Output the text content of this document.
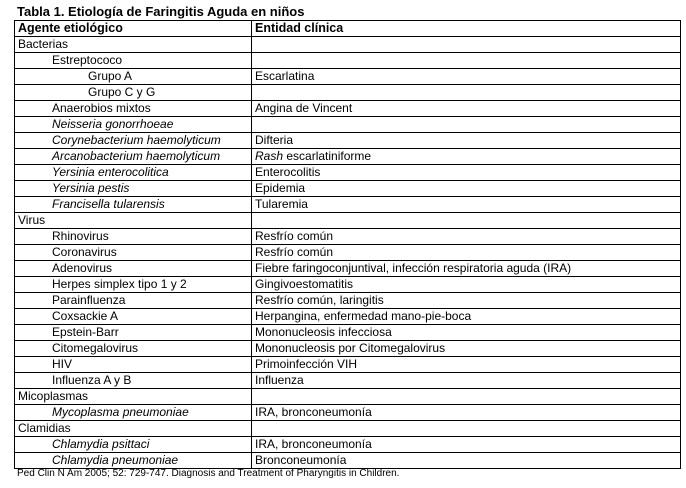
Tabla 1. Etiología de Faringitis Aguda en niños
Agente etiológico	Entidad clínica
Bacterias	
Estreptococo	
Grupo A	Escarlatina
Grupo C y G	
Anaerobios mixtos	Angina de Vincent
Neisseria gonorrhoeae	
Corynebacterium haemolyticum	Difteria
Arcanobacterium haemolyticum	Rash escarlatiniforme
Yersinia enterocolitica	Enterocolitis
Yersinia pestis	Epidemia
Francisella tularensis	Tularemia
Virus	
Rhinovirus	Resfrío común
Coronavirus	Resfrío común
Adenovirus	Fiebre faringoconjuntival, infección respiratoria aguda (IRA)
Herpes simplex tipo 1 y 2	Gingivoestomatitis
Parainfluenza	Resfrío común, laringitis
Coxsackie A	Herpangina, enfermedad mano-pie-boca
Epstein-Barr	Mononucleosis infecciosa
Citomegalovirus	Mononucleosis por Citomegalovirus
HIV	Primoinfección VIH
Influenza A y B	Influenza
Micoplasmas	
Mycoplasma pneumoniae	IRA, bronconeumonía
Clamidias	
Chlamydia psittaci	IRA, bronconeumonía
Chlamydia pneumoniae	Bronconeumonía
Ped Clin N Am 2005; 52: 729-747. Diagnosis and Treatment of Pharyngitis in Children.
